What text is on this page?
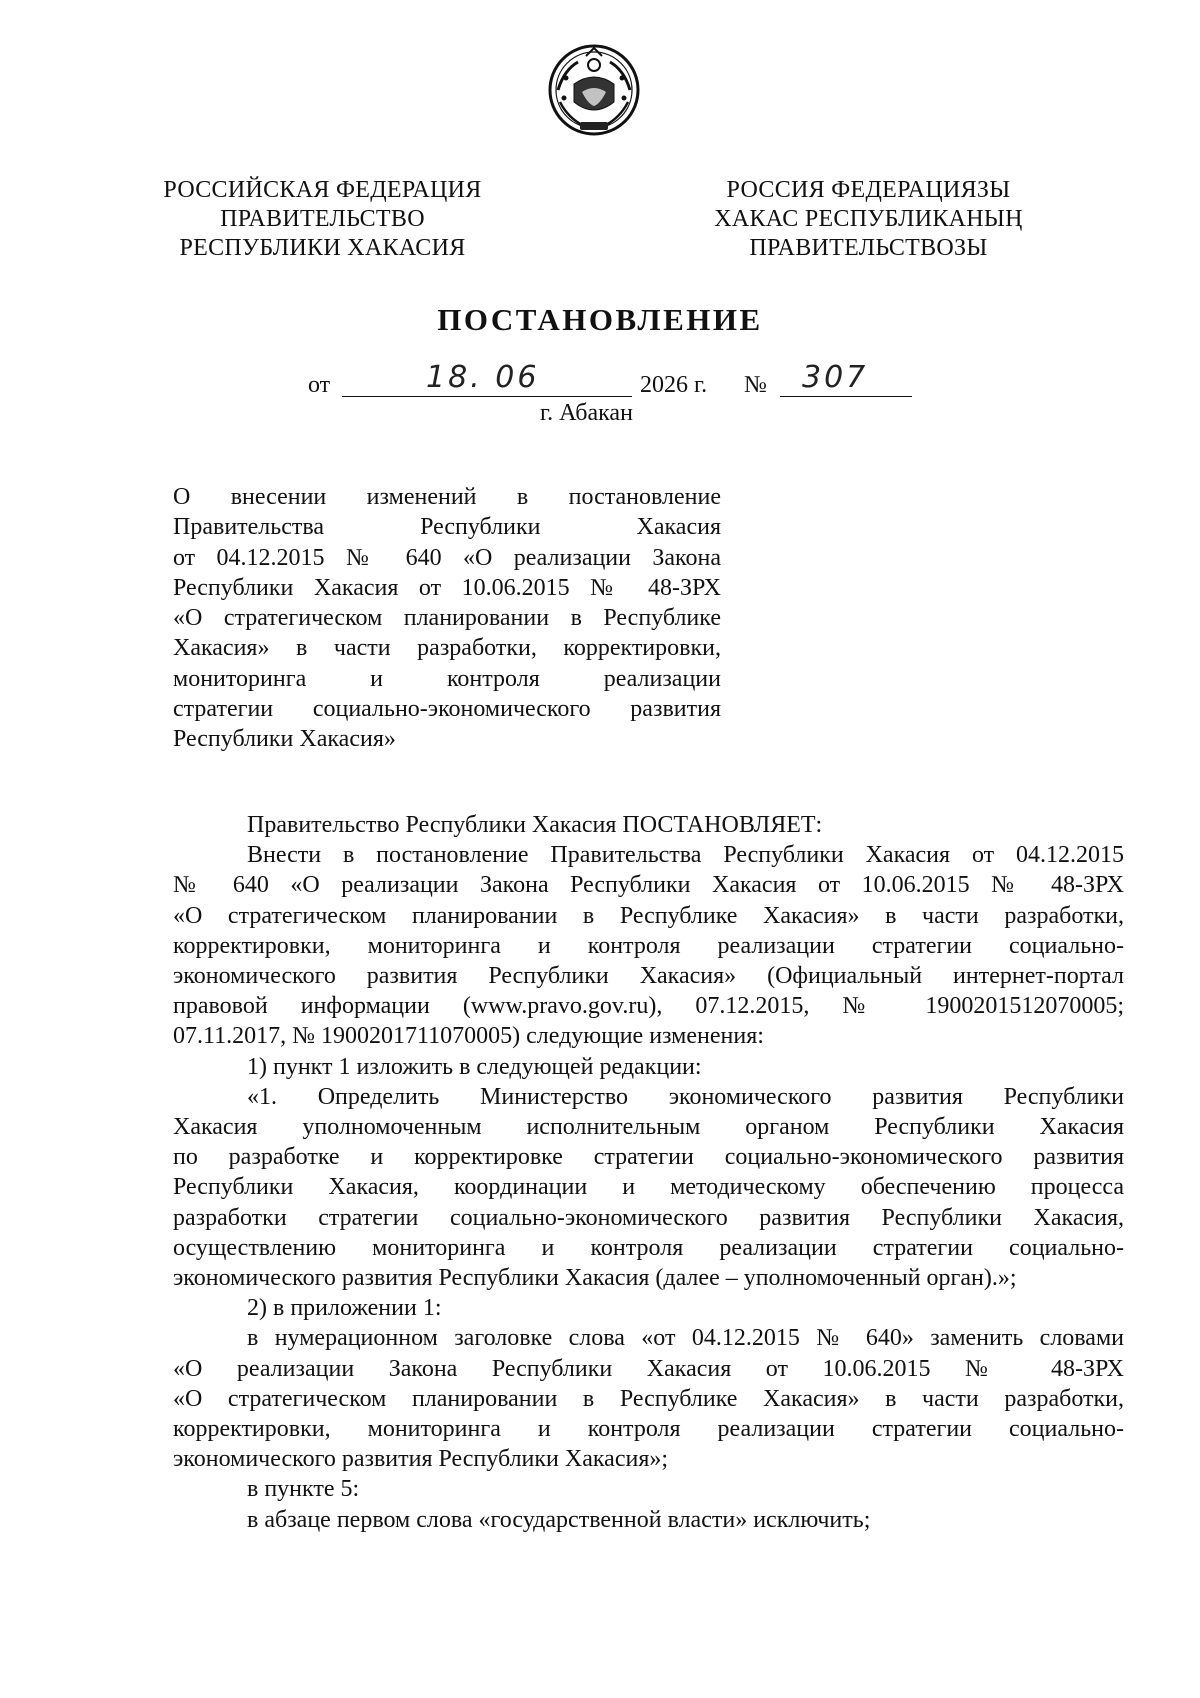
РОССИЙСКАЯ ФЕДЕРАЦИЯ
ПРАВИТЕЛЬСТВО
РЕСПУБЛИКИ ХАКАСИЯ
РОССИЯ ФЕДЕРАЦИЯЗЫ
ХАКАС РЕСПУБЛИКАНЫҢ
ПРАВИТЕЛЬСТВОЗЫ
ПОСТАНОВЛЕНИЕ
от	18. 06	2026 г. № 307
г. Абакан
О внесении изменений в постановление
Правительства Республики Хакасия
от 04.12.2015 № 640 «О реализации Закона
Республики Хакасия от 10.06.2015 № 48-ЗРХ
«О стратегическом планировании в Республике
Хакасия» в части разработки, корректировки,
мониторинга и контроля реализации
стратегии социально-экономического развития
Республики Хакасия»
Правительство Республики Хакасия ПОСТАНОВЛЯЕТ:
Внести в постановление Правительства Республики Хакасия от 04.12.2015
№ 640 «О реализации Закона Республики Хакасия от 10.06.2015 № 48-ЗРХ
«О стратегическом планировании в Республике Хакасия» в части разработки,
корректировки, мониторинга и контроля реализации стратегии социально-
экономического развития Республики Хакасия» (Официальный интернет-портал
правовой информации (www.pravo.gov.ru), 07.12.2015, № 1900201512070005;
07.11.2017, № 1900201711070005) следующие изменения:
1) пункт 1 изложить в следующей редакции:
«1. Определить Министерство экономического развития Республики
Хакасия уполномоченным исполнительным органом Республики Хакасия
по разработке и корректировке стратегии социально-экономического развития
Республики Хакасия, координации и методическому обеспечению процесса
разработки стратегии социально-экономического развития Республики Хакасия,
осуществлению мониторинга и контроля реализации стратегии социально-
экономического развития Республики Хакасия (далее – уполномоченный орган).»;
2) в приложении 1:
в нумерационном заголовке слова «от 04.12.2015 № 640» заменить словами
«О реализации Закона Республики Хакасия от 10.06.2015 № 48-ЗРХ
«О стратегическом планировании в Республике Хакасия» в части разработки,
корректировки, мониторинга и контроля реализации стратегии социально-
экономического развития Республики Хакасия»;
в пункте 5:
в абзаце первом слова «государственной власти» исключить;
